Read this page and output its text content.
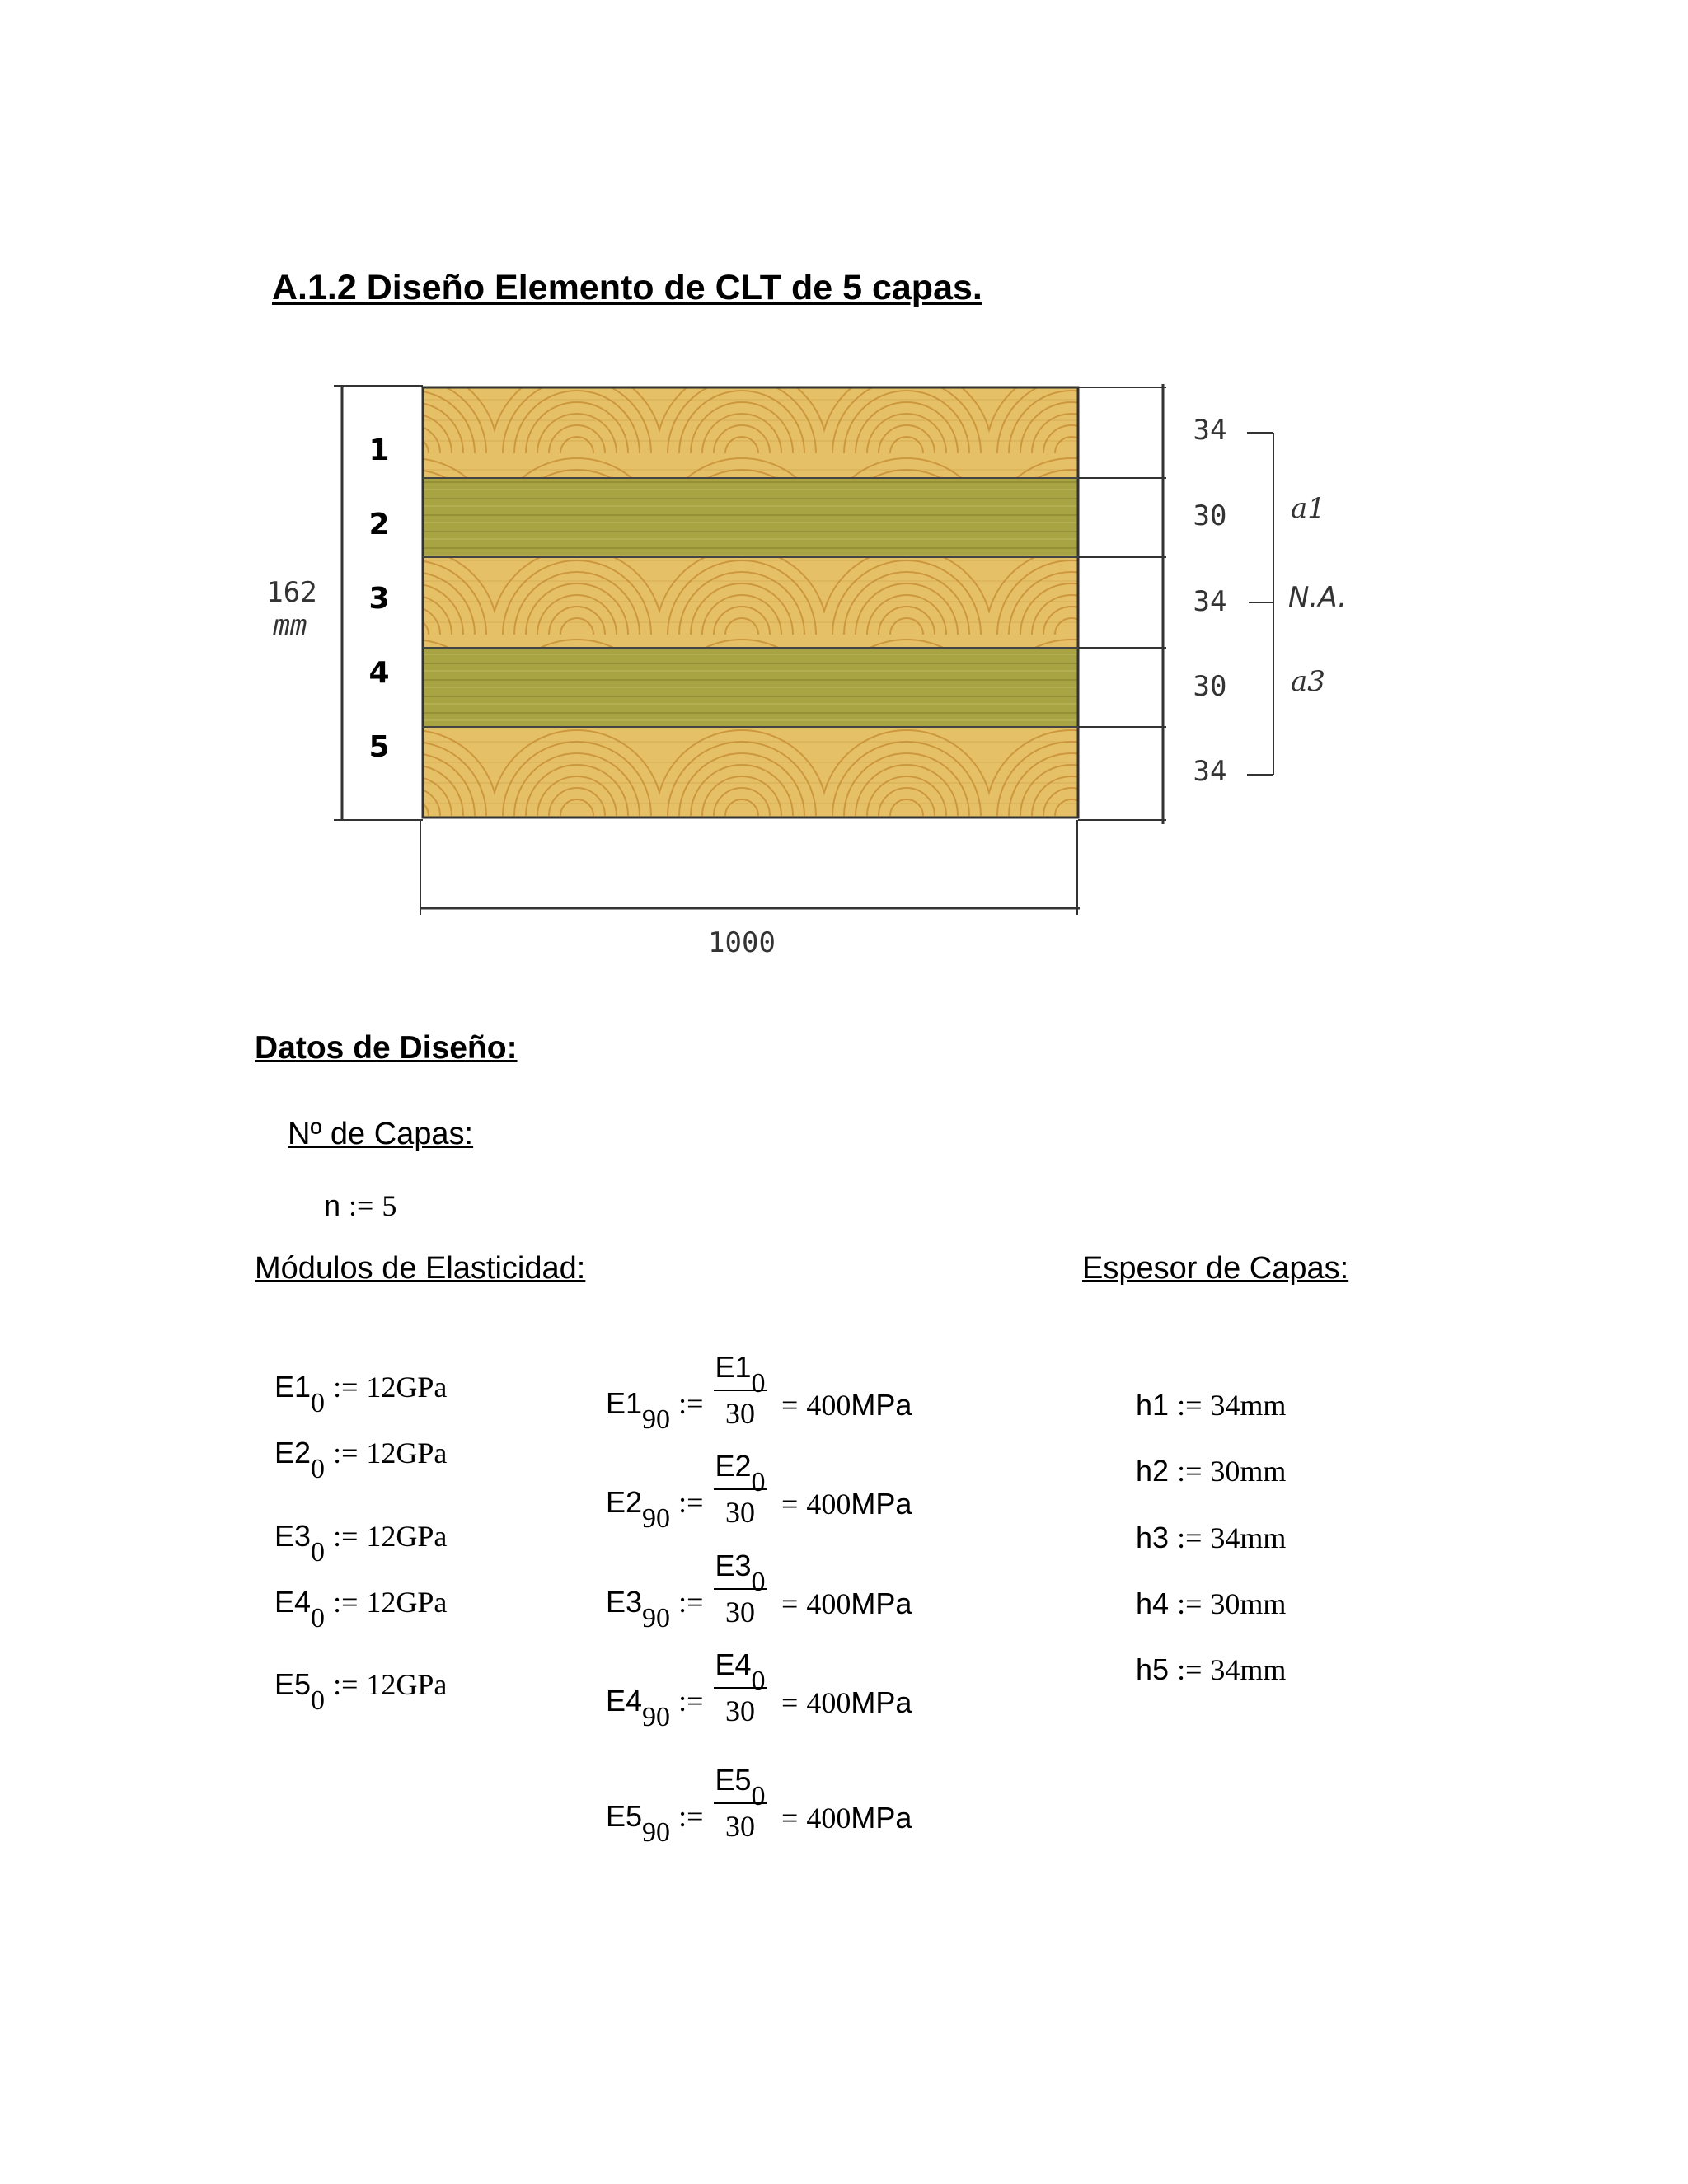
A.1.2 Diseño Elemento de CLT de 5 capas.
1
2
3
4
5
162
mm
1000
34
30
34
30
34
a1
N.A.
a3
Datos de Diseño:
Nº de Capas:
n := 5
Módulos de Elasticidad:	Espesor de Capas:
E10 := 12GPa
E20 := 12GPa
E30 := 12GPa
E40 := 12GPa
E50 := 12GPa
E190 :=
E10
30 = 400MPa
E290 :=
E20
30 = 400MPa
E390 :=
E30
30 = 400MPa
E490 :=
E40
30 = 400MPa
E590 :=
E50
30 = 400MPa
h1 := 34mm
h2 := 30mm
h3 := 34mm
h4 := 30mm
h5 := 34mm
